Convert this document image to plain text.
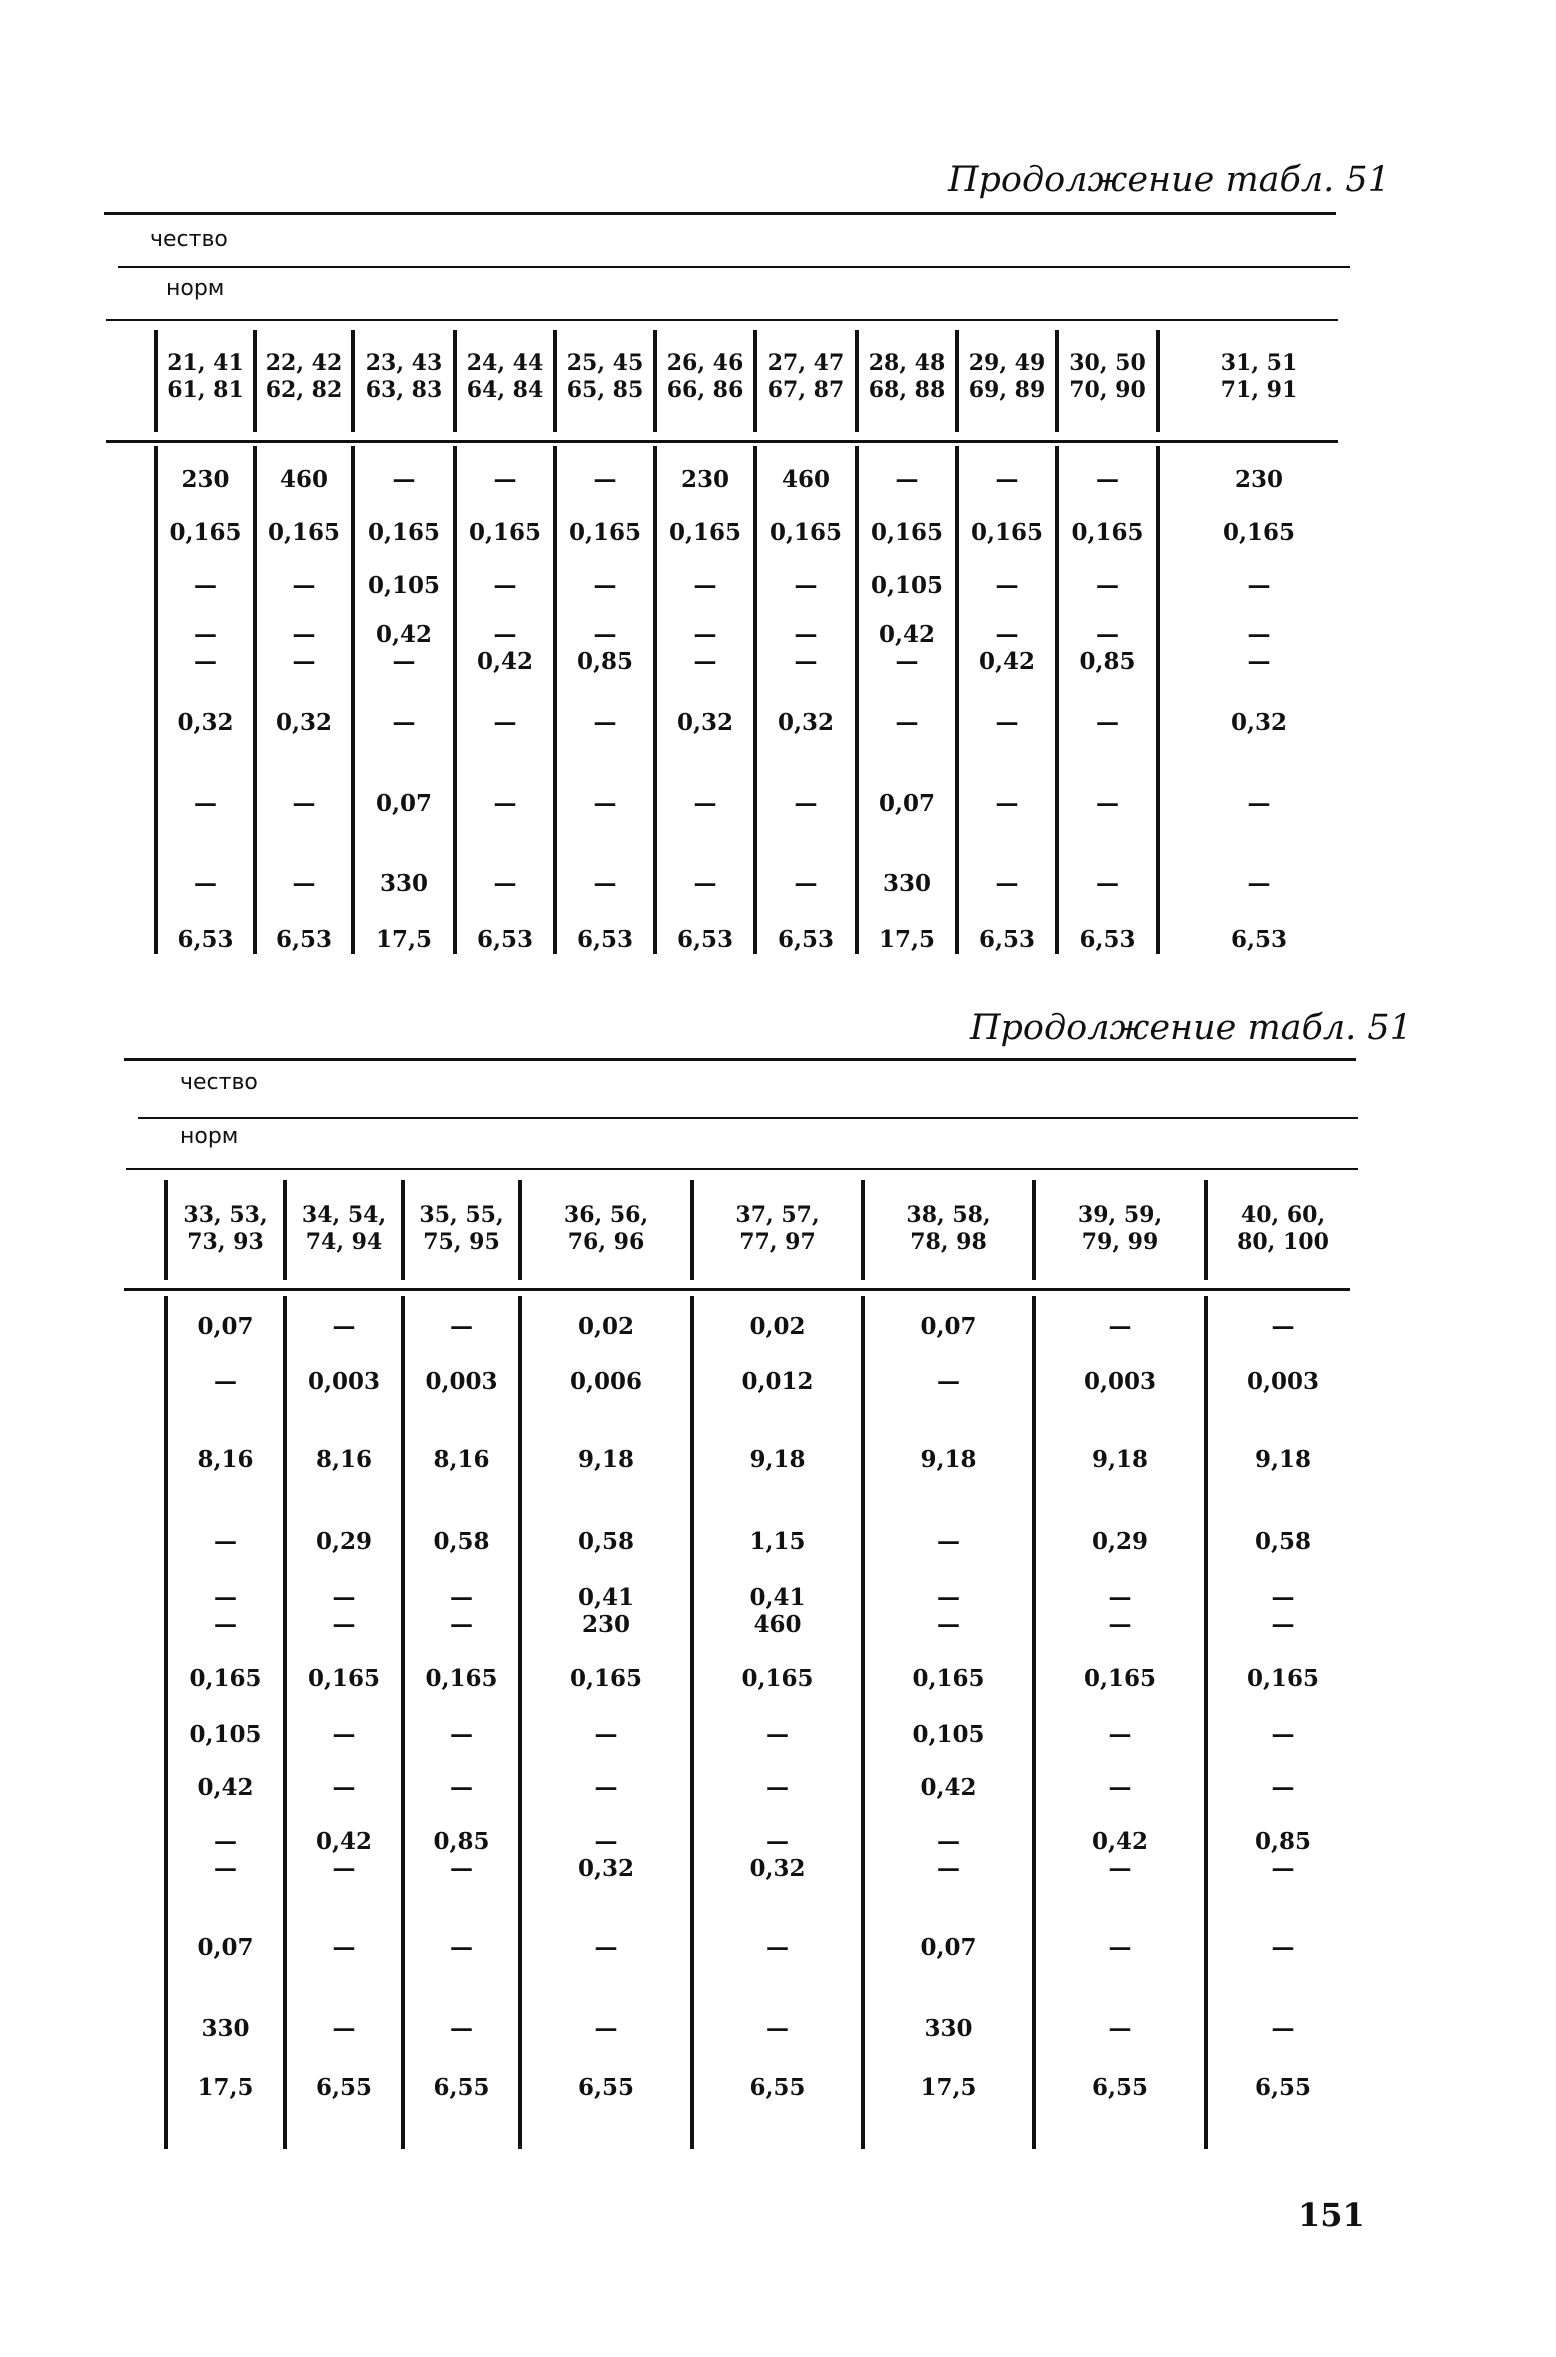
Продолжение табл. 51
чество
норм
21, 41
61, 81
230
0,165
—
—
—
0,32
—
—
6,53
22, 42
62, 82
460
0,165
—
—
—
0,32
—
—
6,53
23, 43
63, 83
—
0,165
0,105
0,42
—
—
0,07
330
17,5
24, 44
64, 84
—
0,165
—
—
0,42
—
—
—
6,53
25, 45
65, 85
—
0,165
—
—
0,85
—
—
—
6,53
26, 46
66, 86
230
0,165
—
—
—
0,32
—
—
6,53
27, 47
67, 87
460
0,165
—
—
—
0,32
—
—
6,53
28, 48
68, 88
—
0,165
0,105
0,42
—
—
0,07
330
17,5
29, 49
69, 89
—
0,165
—
—
0,42
—
—
—
6,53
30, 50
70, 90
—
0,165
—
—
0,85
—
—
—
6,53
31, 51
71, 91
230
0,165
—
—
—
0,32
—
—
6,53
Продолжение табл. 51
чество
норм
33, 53,
73, 93
0,07
—
8,16
—
—
—
0,165
0,105
0,42
—
—
0,07
330
17,5
34, 54,
74, 94
—
0,003
8,16
0,29
—
—
0,165
—
—
0,42
—
—
—
6,55
35, 55,
75, 95
—
0,003
8,16
0,58
—
—
0,165
—
—
0,85
—
—
—
6,55
36, 56,
76, 96
0,02
0,006
9,18
0,58
0,41
230
0,165
—
—
—
0,32
—
—
6,55
37, 57,
77, 97
0,02
0,012
9,18
1,15
0,41
460
0,165
—
—
—
0,32
—
—
6,55
38, 58,
78, 98
0,07
—
9,18
—
—
—
0,165
0,105
0,42
—
—
0,07
330
17,5
39, 59,
79, 99
—
0,003
9,18
0,29
—
—
0,165
—
—
0,42
—
—
—
6,55
40, 60,
80, 100
—
0,003
9,18
0,58
—
—
0,165
—
—
0,85
—
—
—
6,55
151
